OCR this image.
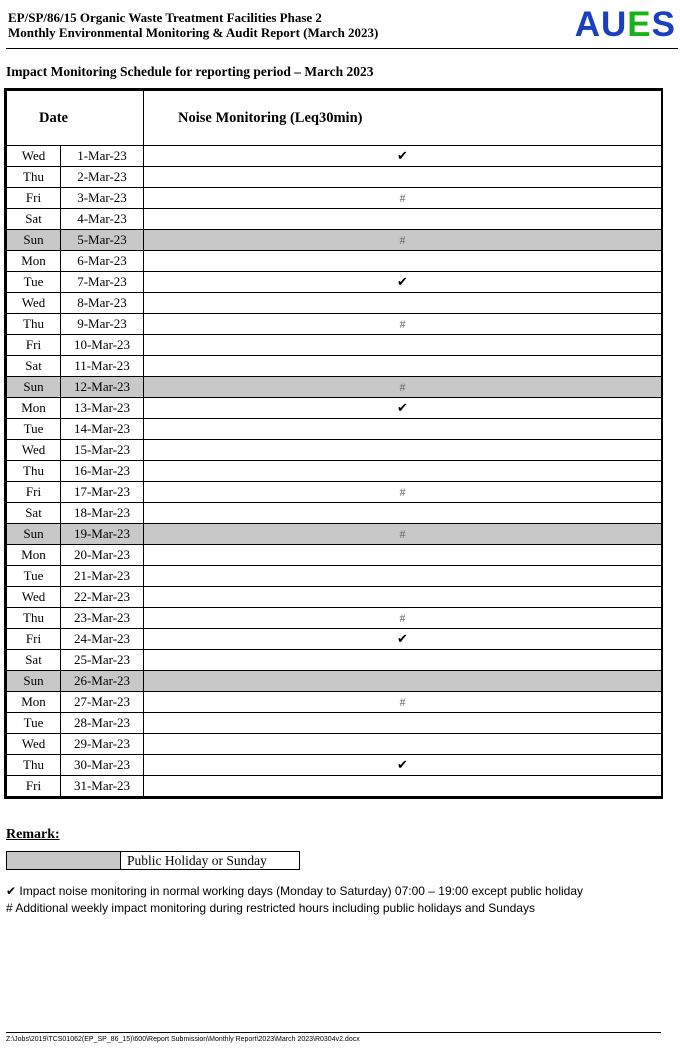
EP/SP/86/15 Organic Waste Treatment Facilities Phase 2
Monthly Environmental Monitoring & Audit Report (March 2023)	AUES
Impact Monitoring Schedule for reporting period – March 2023
Date		Noise Monitoring (Leq30min)
Wed	1-Mar-23	✔
Thu	2-Mar-23	
Fri	3-Mar-23	#
Sat	4-Mar-23	
Sun	5-Mar-23	#
Mon	6-Mar-23	
Tue	7-Mar-23	✔
Wed	8-Mar-23	
Thu	9-Mar-23	#
Fri	10-Mar-23	
Sat	11-Mar-23	
Sun	12-Mar-23	#
Mon	13-Mar-23	✔
Tue	14-Mar-23	
Wed	15-Mar-23	
Thu	16-Mar-23	
Fri	17-Mar-23	#
Sat	18-Mar-23	
Sun	19-Mar-23	#
Mon	20-Mar-23	
Tue	21-Mar-23	
Wed	22-Mar-23	
Thu	23-Mar-23	#
Fri	24-Mar-23	✔
Sat	25-Mar-23	
Sun	26-Mar-23	
Mon	27-Mar-23	#
Tue	28-Mar-23	
Wed	29-Mar-23	
Thu	30-Mar-23	✔
Fri	31-Mar-23	
Remark:
Public Holiday or Sunday
✔ Impact noise monitoring in normal working days (Monday to Saturday) 07:00 – 19:00 except public holiday
# Additional weekly impact monitoring during restricted hours including public holidays and Sundays
Z:\Jobs\2019\TCS01062(EP_SP_86_15)\600\Report Submission\Monthly Report\2023\March 2023\R0304v2.docx
